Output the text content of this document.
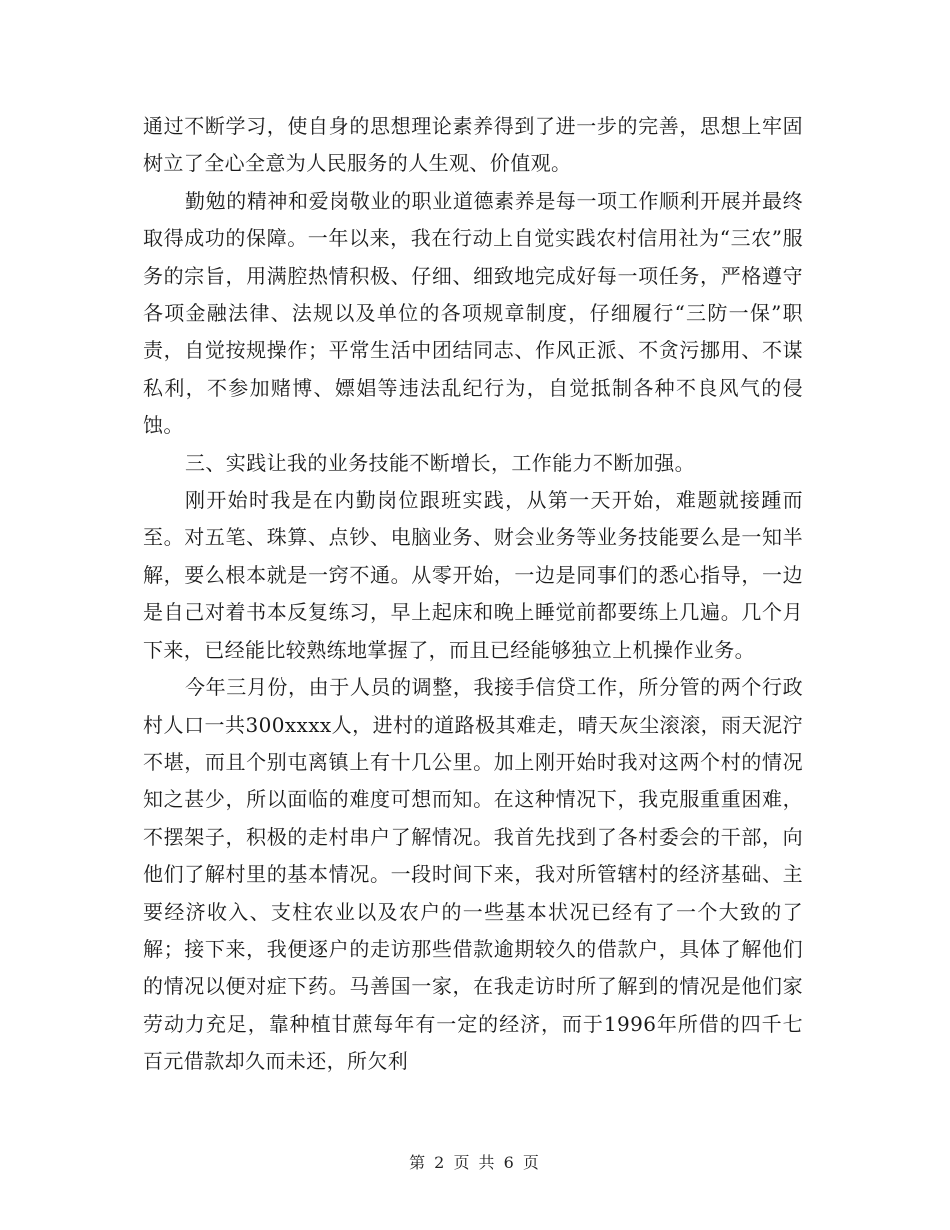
通过不断学习，使自身的思想理论素养得到了进一步的完善，思想上牢固树立了全心全意为人民服务的人生观、价值观。

勤勉的精神和爱岗敬业的职业道德素养是每一项工作顺利开展并最终取得成功的保障。一年以来，我在行动上自觉实践农村信用社为“三农”服务的宗旨，用满腔热情积极、仔细、细致地完成好每一项任务，严格遵守各项金融法律、法规以及单位的各项规章制度，仔细履行“三防一保”职责，自觉按规操作；平常生活中团结同志、作风正派、不贪污挪用、不谋私利，不参加赌博、嫖娼等违法乱纪行为，自觉抵制各种不良风气的侵蚀。

三、实践让我的业务技能不断增长，工作能力不断加强。

刚开始时我是在内勤岗位跟班实践，从第一天开始，难题就接踵而至。对五笔、珠算、点钞、电脑业务、财会业务等业务技能要么是一知半解，要么根本就是一窍不通。从零开始，一边是同事们的悉心指导，一边是自己对着书本反复练习，早上起床和晚上睡觉前都要练上几遍。几个月下来，已经能比较熟练地掌握了，而且已经能够独立上机操作业务。

今年三月份，由于人员的调整，我接手信贷工作，所分管的两个行政村人口一共300xxxx人，进村的道路极其难走，晴天灰尘滚滚，雨天泥泞不堪，而且个别屯离镇上有十几公里。加上刚开始时我对这两个村的情况知之甚少，所以面临的难度可想而知。在这种情况下，我克服重重困难，不摆架子，积极的走村串户了解情况。我首先找到了各村委会的干部，向他们了解村里的基本情况。一段时间下来，我对所管辖村的经济基础、主要经济收入、支柱农业以及农户的一些基本状况已经有了一个大致的了解；接下来，我便逐户的走访那些借款逾期较久的借款户，具体了解他们的情况以便对症下药。马善国一家，在我走访时所了解到的情况是他们家劳动力充足，靠种植甘蔗每年有一定的经济，而于1996年所借的四千七百元借款却久而未还，所欠利

第 2 页 共 6 页
